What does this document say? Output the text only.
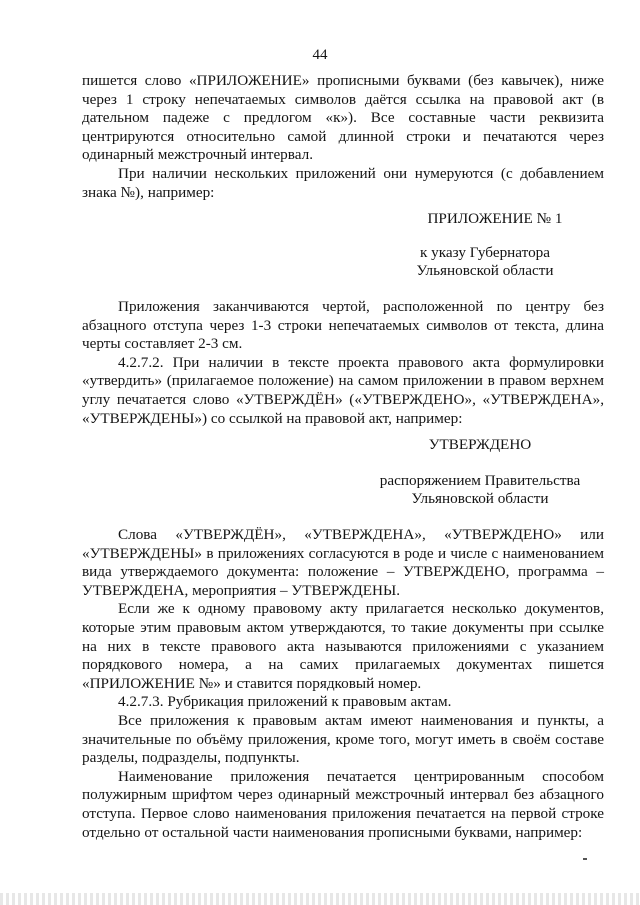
44

пишется слово «ПРИЛОЖЕНИЕ» прописными буквами (без кавычек), ниже через 1 строку непечатаемых символов даётся ссылка на правовой акт (в дательном падеже с предлогом «к»). Все составные части реквизита центрируются относительно самой длинной строки и печатаются через одинарный межстрочный интервал.

При наличии нескольких приложений они нумеруются (с добавлением знака №), например:

ПРИЛОЖЕНИЕ № 1
к указу Губернатора
Ульяновской области

Приложения заканчиваются чертой, расположенной по центру без абзацного отступа через 1-3 строки непечатаемых символов от текста, длина черты составляет 2-3 см.

4.2.7.2. При наличии в тексте проекта правового акта формулировки «утвердить» (прилагаемое положение) на самом приложении в правом верхнем углу печатается слово «УТВЕРЖДЁН» («УТВЕРЖДЕНО», «УТВЕРЖДЕНА», «УТВЕРЖДЕНЫ») со ссылкой на правовой акт, например:

УТВЕРЖДЕНО
распоряжением Правительства
Ульяновской области

Слова «УТВЕРЖДЁН», «УТВЕРЖДЕНА», «УТВЕРЖДЕНО» или «УТВЕРЖДЕНЫ» в приложениях согласуются в роде и числе с наименованием вида утверждаемого документа: положение – УТВЕРЖДЕНО, программа – УТВЕРЖДЕНА, мероприятия – УТВЕРЖДЕНЫ.

Если же к одному правовому акту прилагается несколько документов, которые этим правовым актом утверждаются, то такие документы при ссылке на них в тексте правового акта называются приложениями с указанием порядкового номера, а на самих прилагаемых документах пишется «ПРИЛОЖЕНИЕ №» и ставится порядковый номер.

4.2.7.3. Рубрикация приложений к правовым актам.

Все приложения к правовым актам имеют наименования и пункты, а значительные по объёму приложения, кроме того, могут иметь в своём составе разделы, подразделы, подпункты.

Наименование приложения печатается центрированным способом полужирным шрифтом через одинарный межстрочный интервал без абзацного отступа. Первое слово наименования приложения печатается на первой строке отдельно от остальной части наименования прописными буквами, например:
